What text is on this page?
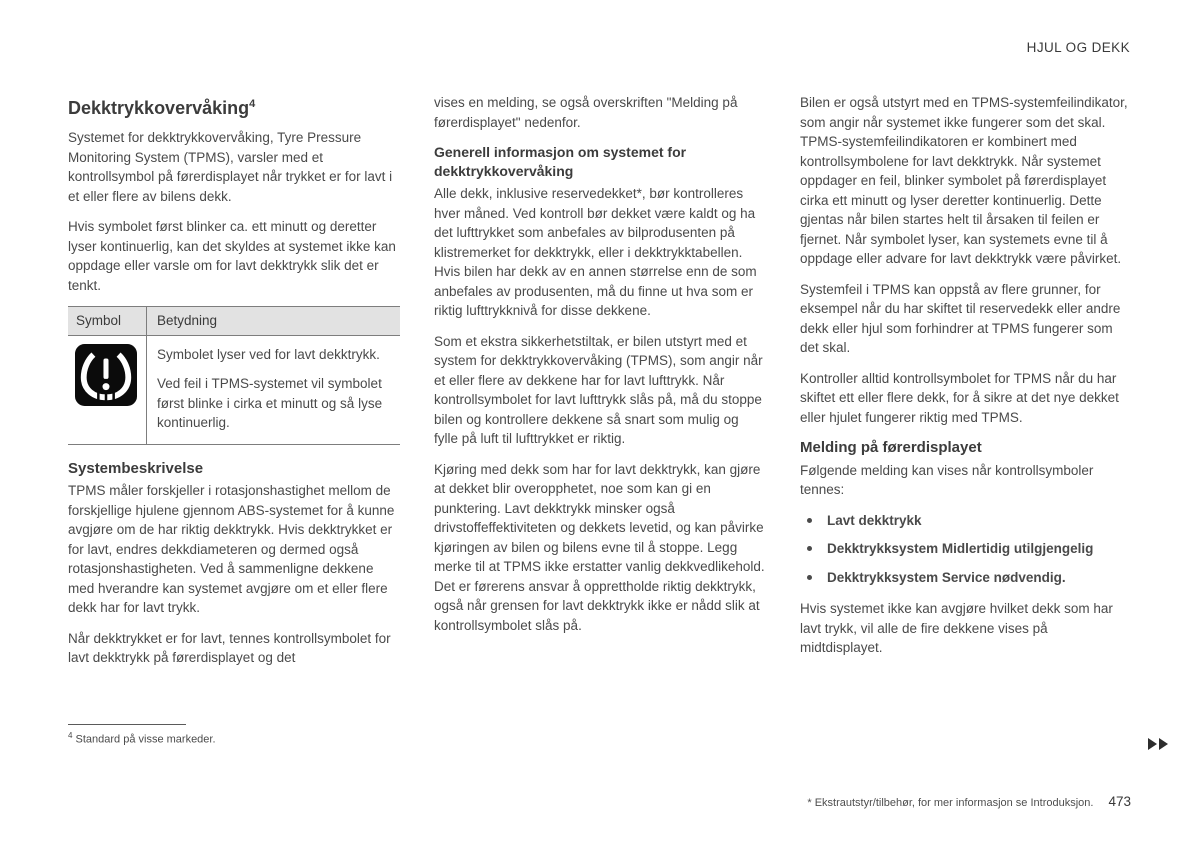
HJUL OG DEKK
Dekktrykkovervåking$^4$

Systemet for dekktrykkovervåking, Tyre Pressure Monitoring System (TPMS), varsler med et kontrollsymbol på førerdisplayet når trykket er for lavt i et eller flere av bilens dekk.

Hvis symbolet først blinker ca. ett minutt og deretter lyser kontinuerlig, kan det skyldes at systemet ikke kan oppdage eller varsle om for lavt dekktrykk slik det er tenkt.

Symbol	Betydning

Symbolet lyser ved for lavt dekktrykk.

Ved feil i TPMS-systemet vil symbolet først blinke i cirka et minutt og så lyse kontinuerlig.

Systembeskrivelse

TPMS måler forskjeller i rotasjonshastighet mellom de forskjellige hjulene gjennom ABS-systemet for å kunne avgjøre om de har riktig dekktrykk. Hvis dekktrykket er for lavt, endres dekkdiameteren og dermed også rotasjonshastigheten. Ved å sammenligne dekkene med hverandre kan systemet avgjøre om et eller flere dekk har for lavt trykk.

Når dekktrykket er for lavt, tennes kontrollsymbolet for lavt dekktrykk på førerdisplayet og det

vises en melding, se også overskriften "Melding på førerdisplayet" nedenfor.

Generell informasjon om systemet for dekktrykkovervåking

Alle dekk, inklusive reservedekket*, bør kontrolleres hver måned. Ved kontroll bør dekket være kaldt og ha det lufttrykket som anbefales av bilprodusenten på klistremerket for dekktrykk, eller i dekktrykktabellen. Hvis bilen har dekk av en annen størrelse enn de som anbefales av produsenten, må du finne ut hva som er riktig lufttrykknivå for disse dekkene.

Som et ekstra sikkerhetstiltak, er bilen utstyrt med et system for dekktrykkovervåking (TPMS), som angir når et eller flere av dekkene har for lavt lufttrykk. Når kontrollsymbolet for lavt lufttrykk slås på, må du stoppe bilen og kontrollere dekkene så snart som mulig og fylle på luft til lufttrykket er riktig.

Kjøring med dekk som har for lavt dekktrykk, kan gjøre at dekket blir overopphetet, noe som kan gi en punktering. Lavt dekktrykk minsker også drivstoffeffektiviteten og dekkets levetid, og kan påvirke kjøringen av bilen og bilens evne til å stoppe. Legg merke til at TPMS ikke erstatter vanlig dekkvedlikehold. Det er førerens ansvar å opprettholde riktig dekktrykk, også når grensen for lavt dekktrykk ikke er nådd slik at kontrollsymbolet slås på.

Bilen er også utstyrt med en TPMS-systemfeilindikator, som angir når systemet ikke fungerer som det skal. TPMS-systemfeilindikatoren er kombinert med kontrollsymbolene for lavt dekktrykk. Når systemet oppdager en feil, blinker symbolet på førerdisplayet cirka ett minutt og lyser deretter kontinuerlig. Dette gjentas når bilen startes helt til årsaken til feilen er fjernet. Når symbolet lyser, kan systemets evne til å oppdage eller advare for lavt dekktrykk være påvirket.

Systemfeil i TPMS kan oppstå av flere grunner, for eksempel når du har skiftet til reservedekk eller andre dekk eller hjul som forhindrer at TPMS fungerer som det skal.

Kontroller alltid kontrollsymbolet for TPMS når du har skiftet ett eller flere dekk, for å sikre at det nye dekket eller hjulet fungerer riktig med TPMS.

Melding på førerdisplayet

Følgende melding kan vises når kontrollsymboler tennes:

Lavt dekktrykk
Dekktrykksystem Midlertidig utilgjengelig
Dekktrykksystem Service nødvendig.

Hvis systemet ikke kan avgjøre hvilket dekk som har lavt trykk, vil alle de fire dekkene vises på midtdisplayet.

$^4$ Standard på visse markeder.
* Ekstrautstyr/tilbehør, for mer informasjon se Introduksjon. 473
